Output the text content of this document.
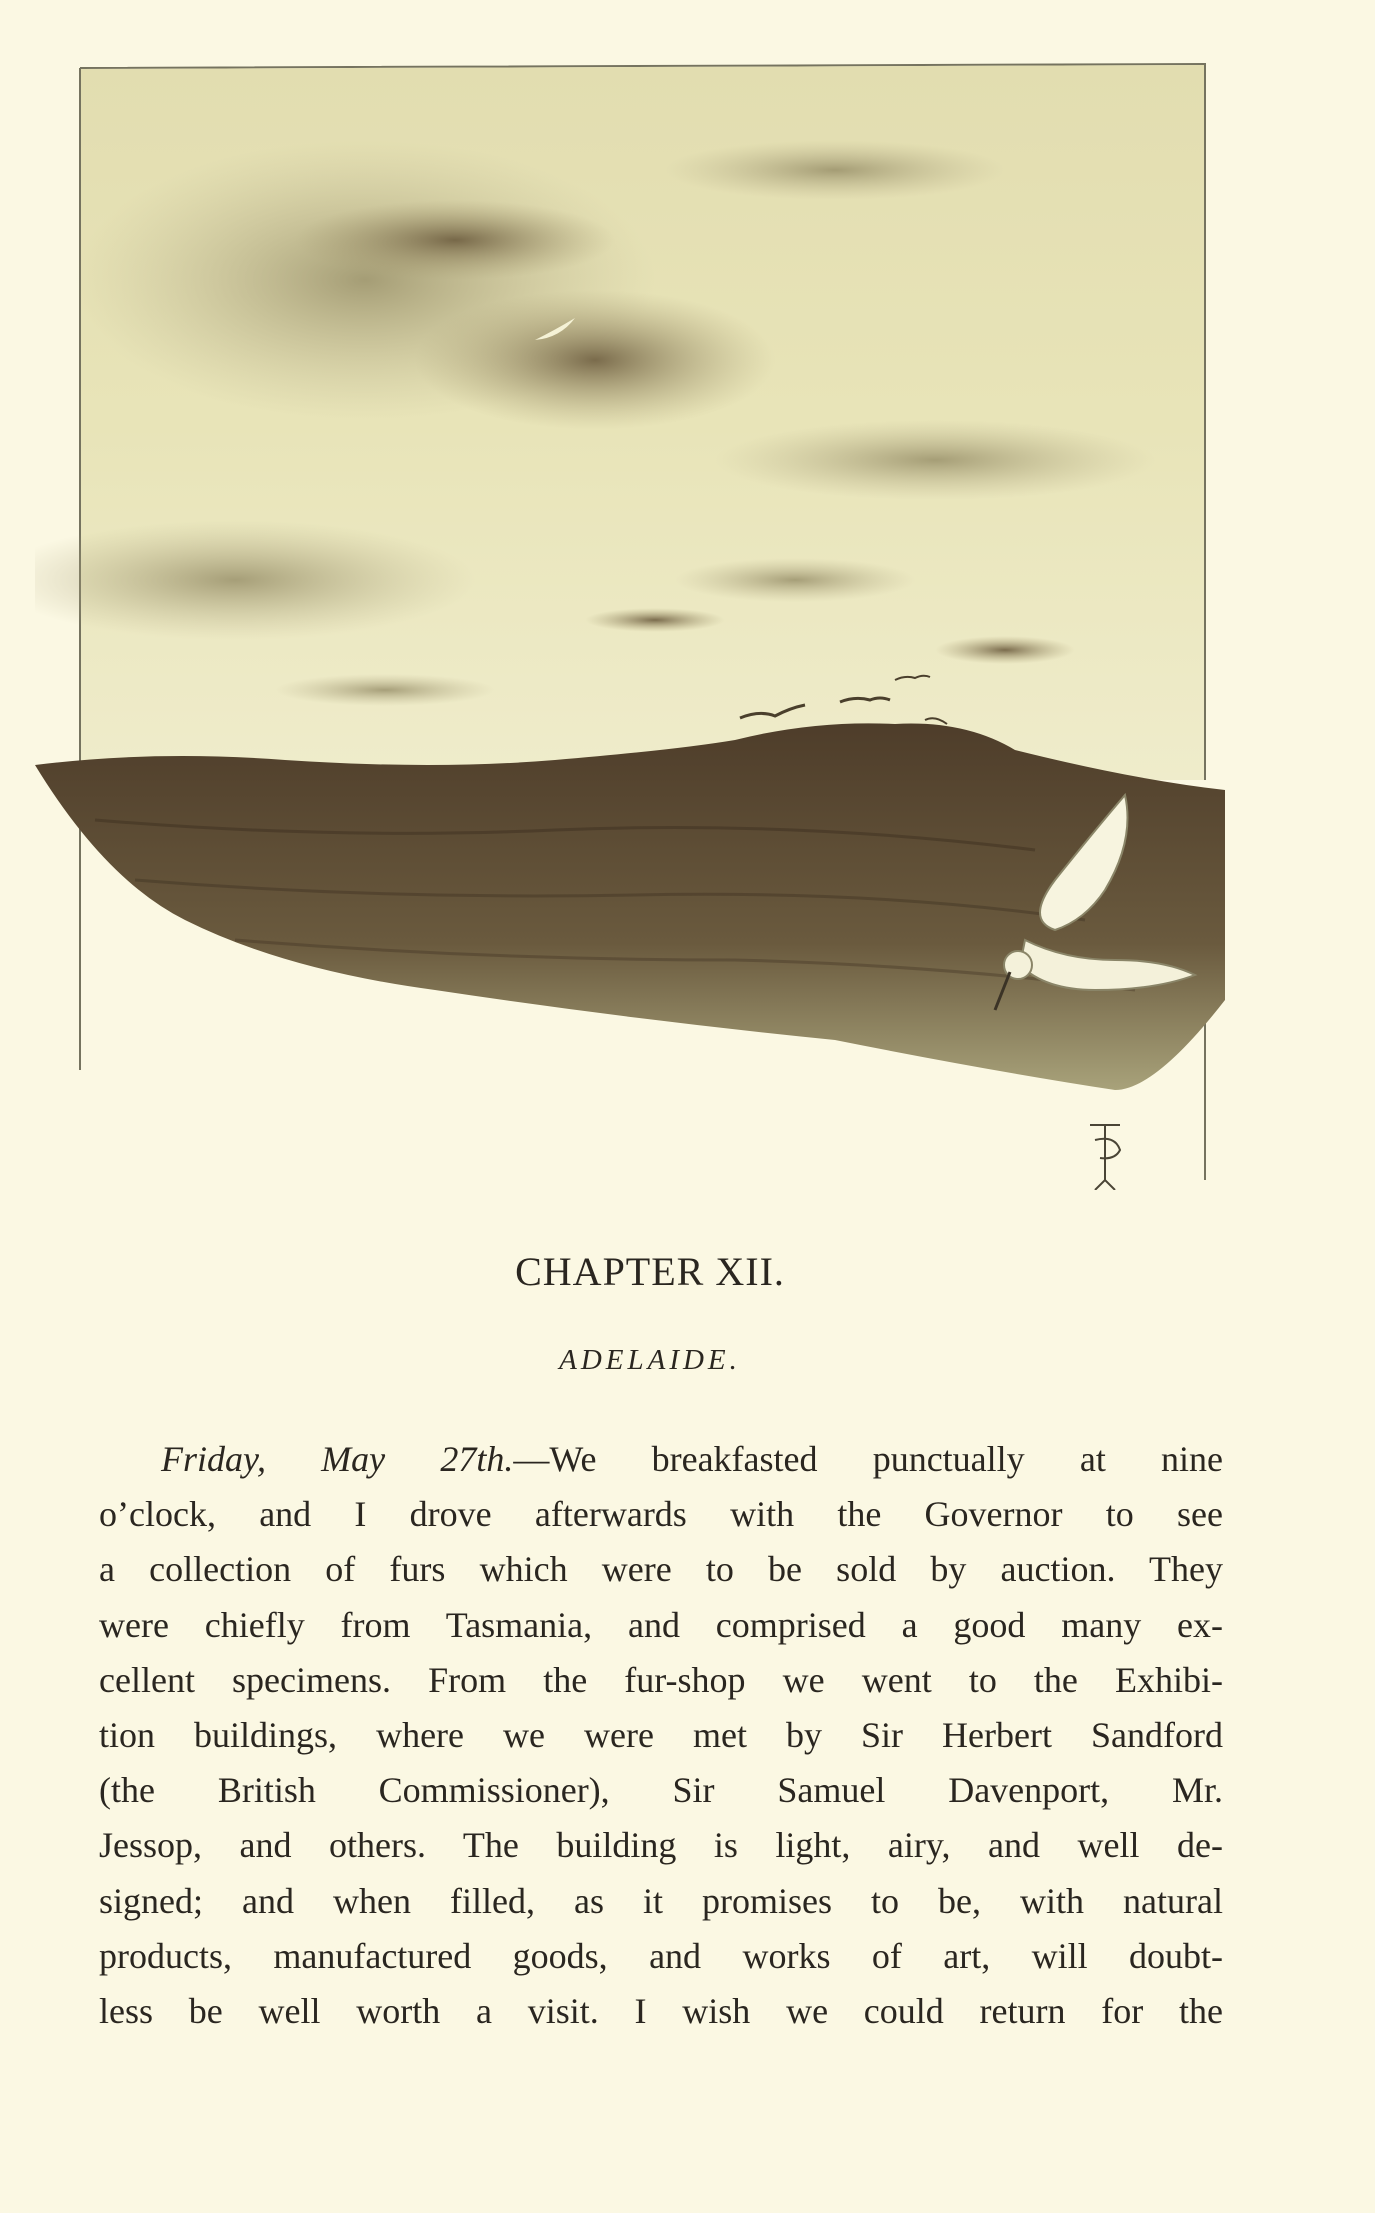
CHAPTER XII.
ADELAIDE.
Friday, May 27th.—We breakfasted punctually at nine
o’clock, and I drove afterwards with the Governor to see
a collection of furs which were to be sold by auction. They
were chiefly from Tasmania, and comprised a good many ex-
cellent specimens. From the fur-shop we went to the Exhibi-
tion buildings, where we were met by Sir Herbert Sandford
(the British Commissioner), Sir Samuel Davenport, Mr.
Jessop, and others. The building is light, airy, and well de-
signed; and when filled, as it promises to be, with natural
products, manufactured goods, and works of art, will doubt-
less be well worth a visit. I wish we could return for the
